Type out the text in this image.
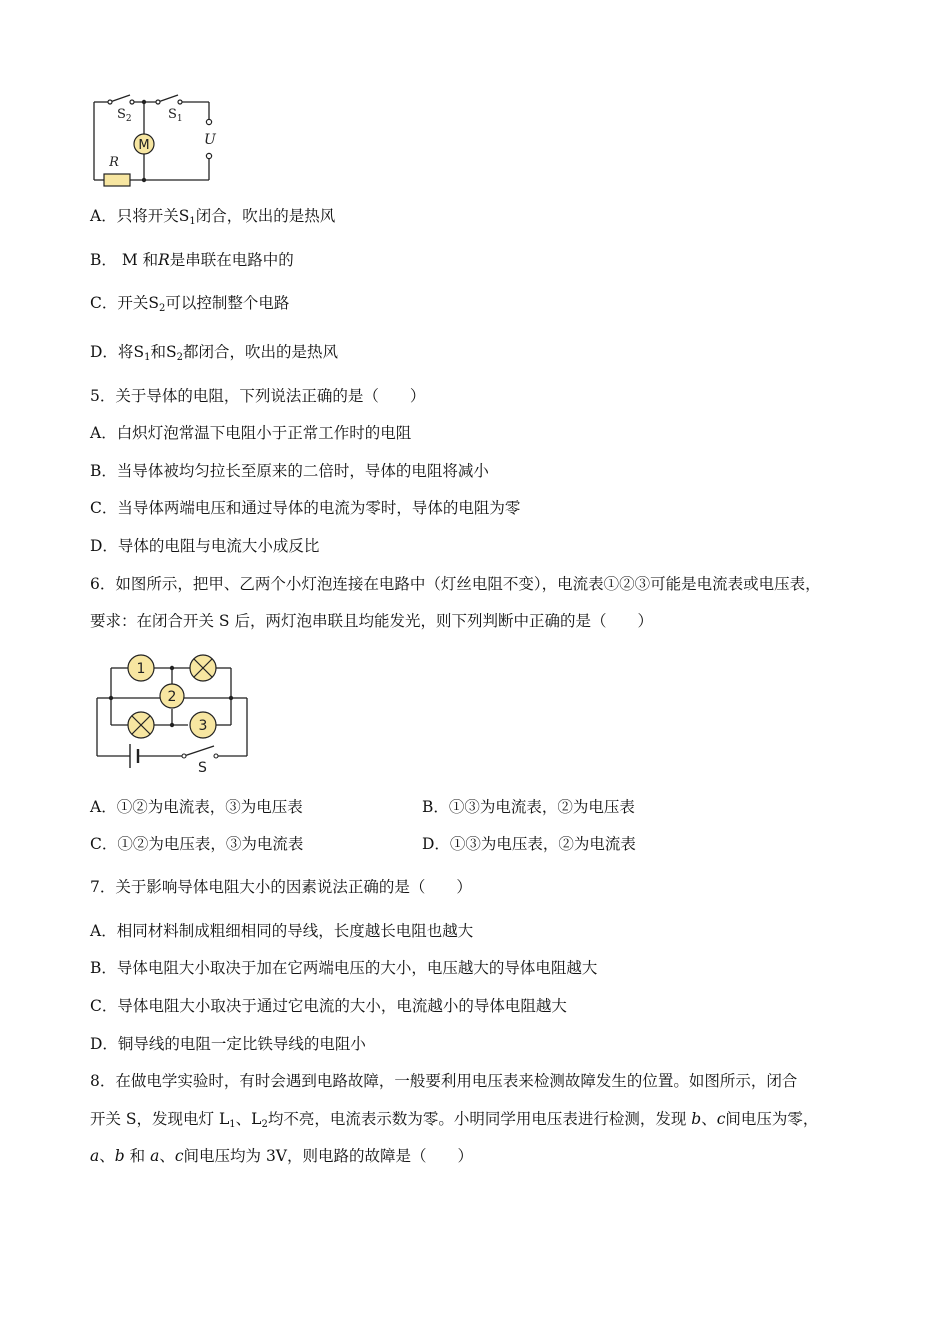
M
R
$S_2$	$S_1$
U
A．只将开关$S_1$闭合，吹出的是热风
B． M 和R是串联在电路中的
C．开关$S_2$可以控制整个电路
D．将$S_1$和$S_2$都闭合，吹出的是热风
5．关于导体的电阻，下列说法正确的是（　　）
A．白炽灯泡常温下电阻小于正常工作时的电阻
B．当导体被均匀拉长至原来的二倍时，导体的电阻将减小
C．当导体两端电压和通过导体的电流为零时，导体的电阻为零
D．导体的电阻与电流大小成反比
6．如图所示，把甲、乙两个小灯泡连接在电路中（灯丝电阻不变），电流表①②③可能是电流表或电压表，
要求：在闭合开关 S 后，两灯泡串联且均能发光，则下列判断中正确的是（　　）
1
2
3
S
A．①②为电流表，③为电压表	B．①③为电流表，②为电压表
C．①②为电压表，③为电流表	D．①③为电压表，②为电流表
7．关于影响导体电阻大小的因素说法正确的是（　　）
A．相同材料制成粗细相同的导线，长度越长电阻也越大
B．导体电阻大小取决于加在它两端电压的大小，电压越大的导体电阻越大
C．导体电阻大小取决于通过它电流的大小，电流越小的导体电阻越大
D．铜导线的电阻一定比铁导线的电阻小
8．在做电学实验时，有时会遇到电路故障，一般要利用电压表来检测故障发生的位置。如图所示，闭合
开关 S，发现电灯 $L_1$、$L_2$均不亮，电流表示数为零。小明同学用电压表进行检测，发现 b、c间电压为零，
a、b 和 a、c间电压均为 3V，则电路的故障是（　　）
